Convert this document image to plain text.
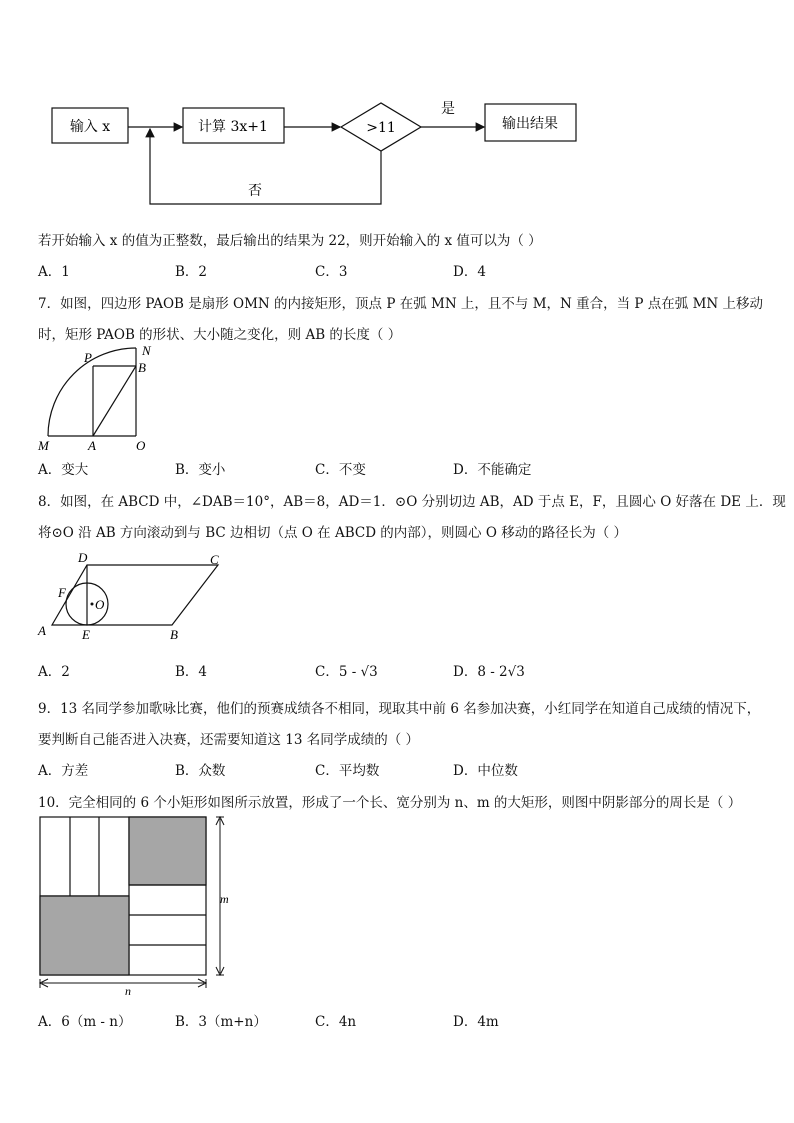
输入 x	计算 3x+1	>11
是
输出结果
否
若开始输入 x 的值为正整数，最后输出的结果为 22，则开始输入的 x 值可以为（ ）
A．1	B．2	C．3	D．4
7．如图，四边形 PAOB 是扇形 OMN 的内接矩形，顶点 P 在弧 MN 上，且不与 M，N 重合，当 P 点在弧 MN 上移动
时，矩形 PAOB 的形状、大小随之变化，则 AB 的长度（ ）
P	N
B
M	A	O
A．变大	B．变小	C．不变	D．不能确定
8．如图，在 ABCD 中，∠DAB＝10°，AB＝8，AD＝1．⊙O 分别切边 AB，AD 于点 E，F，且圆心 O 好落在 DE 上．现
将⊙O 沿 AB 方向滚动到与 BC 边相切（点 O 在 ABCD 的内部），则圆心 O 移动的路径长为（ ）
D	C
F
O
A	E	B
A．2	B．4	C．5 - √3	D．8 - 2√3
9．13 名同学参加歌咏比赛，他们的预赛成绩各不相同，现取其中前 6 名参加决赛，小红同学在知道自己成绩的情况下，
要判断自己能否进入决赛，还需要知道这 13 名同学成绩的（ ）
A．方差	B．众数	C．平均数	D．中位数
10．完全相同的 6 个小矩形如图所示放置，形成了一个长、宽分别为 n、m 的大矩形，则图中阴影部分的周长是（ ）
m
n
A．6（m - n）	B．3（m+n）	C．4n	D．4m
